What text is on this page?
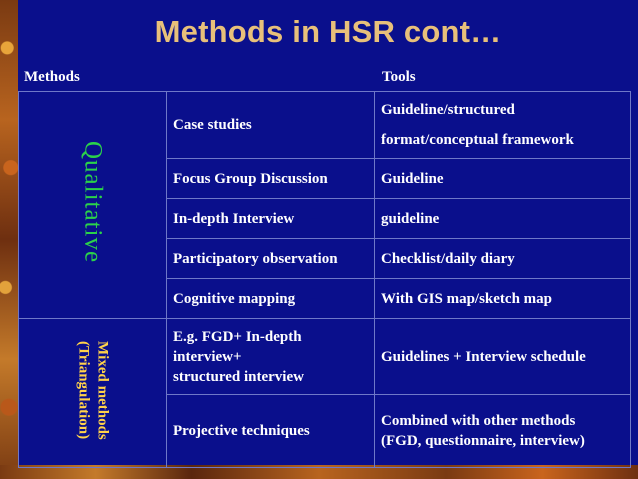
Methods in HSR cont…
Methods	Tools
Qualitative	Case studies	Guideline/structured
format/conceptual framework

	Focus Group Discussion	Guideline
	In-depth Interview	guideline
	Participatory observation	Checklist/daily diary
	Cognitive mapping	With GIS map/sketch map
Mixed methods
(Triangulation)	E.g. FGD+ In-depth
interview+
structured interview	Guidelines + Interview schedule
	Projective techniques	Combined with other methods
(FGD, questionnaire, interview)
